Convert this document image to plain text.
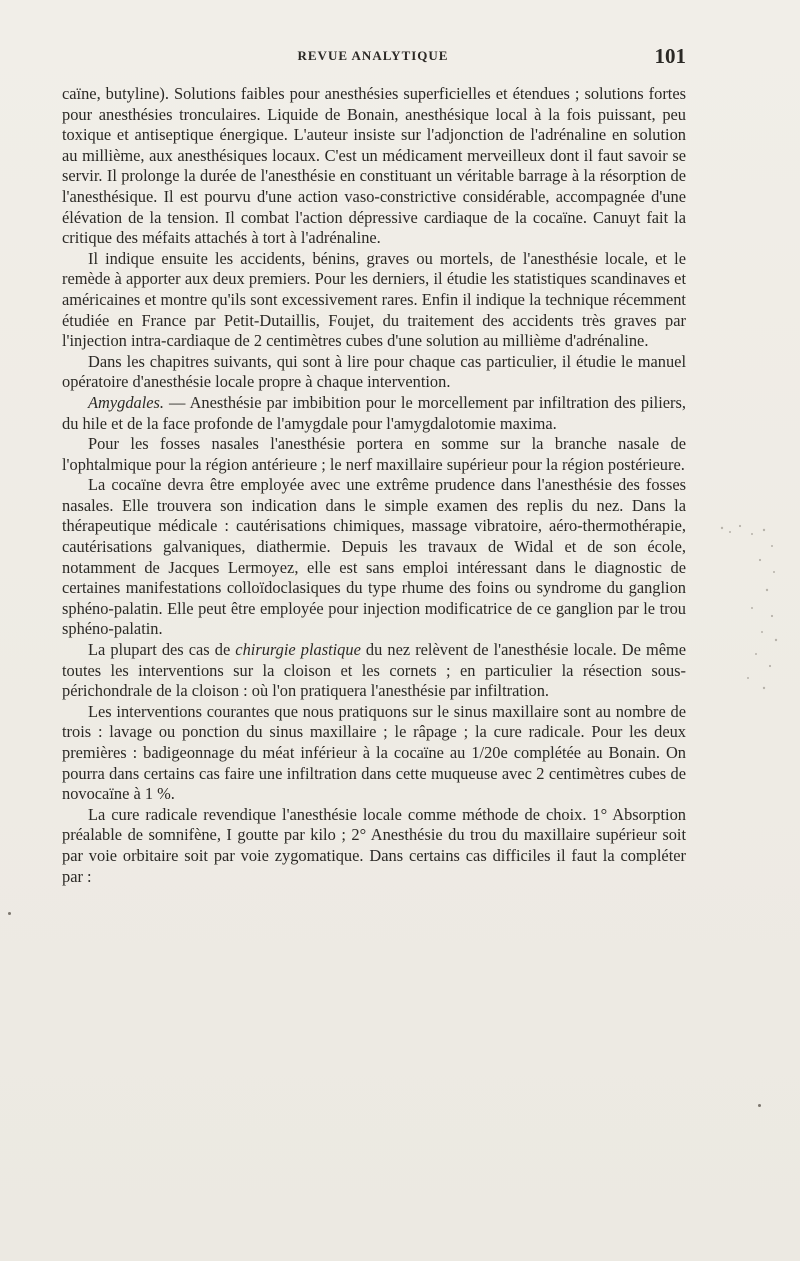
REVUE ANALYTIQUE	101

caïne, butyline). Solutions faibles pour anesthésies superficielles et étendues ; solutions fortes pour anesthésies tronculaires. Liquide de Bonain, anesthésique local à la fois puissant, peu toxique et antiseptique énergique. L'auteur insiste sur l'adjonction de l'adrénaline en solution au millième, aux anesthésiques locaux. C'est un médicament merveilleux dont il faut savoir se servir. Il prolonge la durée de l'anesthésie en constituant un véritable barrage à la résorption de l'anesthésique. Il est pourvu d'une action vaso-constrictive considérable, accompagnée d'une élévation de la tension. Il combat l'action dépressive cardiaque de la cocaïne. Canuyt fait la critique des méfaits attachés à tort à l'adrénaline.

Il indique ensuite les accidents, bénins, graves ou mortels, de l'anesthésie locale, et le remède à apporter aux deux premiers. Pour les derniers, il étudie les statistiques scandinaves et américaines et montre qu'ils sont excessivement rares. Enfin il indique la technique récemment étudiée en France par Petit-Dutaillis, Foujet, du traitement des accidents très graves par l'injection intra-cardiaque de 2 centimètres cubes d'une solution au millième d'adrénaline.

Dans les chapitres suivants, qui sont à lire pour chaque cas particulier, il étudie le manuel opératoire d'anesthésie locale propre à chaque intervention.

Amygdales. — Anesthésie par imbibition pour le morcellement par infiltration des piliers, du hile et de la face profonde de l'amygdale pour l'amygdalotomie maxima.

Pour les fosses nasales l'anesthésie portera en somme sur la branche nasale de l'ophtalmique pour la région antérieure ; le nerf maxillaire supérieur pour la région postérieure.

La cocaïne devra être employée avec une extrême prudence dans l'anesthésie des fosses nasales. Elle trouvera son indication dans le simple examen des replis du nez. Dans la thérapeutique médicale : cautérisations chimiques, massage vibratoire, aéro-thermothérapie, cautérisations galvaniques, diathermie. Depuis les travaux de Widal et de son école, notamment de Jacques Lermoyez, elle est sans emploi intéressant dans le diagnostic de certaines manifestations colloïdoclasiques du type rhume des foins ou syndrome du ganglion sphéno-palatin. Elle peut être employée pour injection modificatrice de ce ganglion par le trou sphéno-palatin.

La plupart des cas de chirurgie plastique du nez relèvent de l'anesthésie locale. De même toutes les interventions sur la cloison et les cornets ; en particulier la résection sous-périchondrale de la cloison : où l'on pratiquera l'anesthésie par infiltration.

Les interventions courantes que nous pratiquons sur le sinus maxillaire sont au nombre de trois : lavage ou ponction du sinus maxillaire ; le râpage ; la cure radicale. Pour les deux premières : badigeonnage du méat inférieur à la cocaïne au 1/20e complétée au Bonain. On pourra dans certains cas faire une infiltration dans cette muqueuse avec 2 centimètres cubes de novocaïne à 1 %.

La cure radicale revendique l'anesthésie locale comme méthode de choix. 1° Absorption préalable de somnifène, I goutte par kilo ; 2° Anesthésie du trou du maxillaire supérieur soit par voie orbitaire soit par voie zygomatique. Dans certains cas difficiles il faut la compléter par :
